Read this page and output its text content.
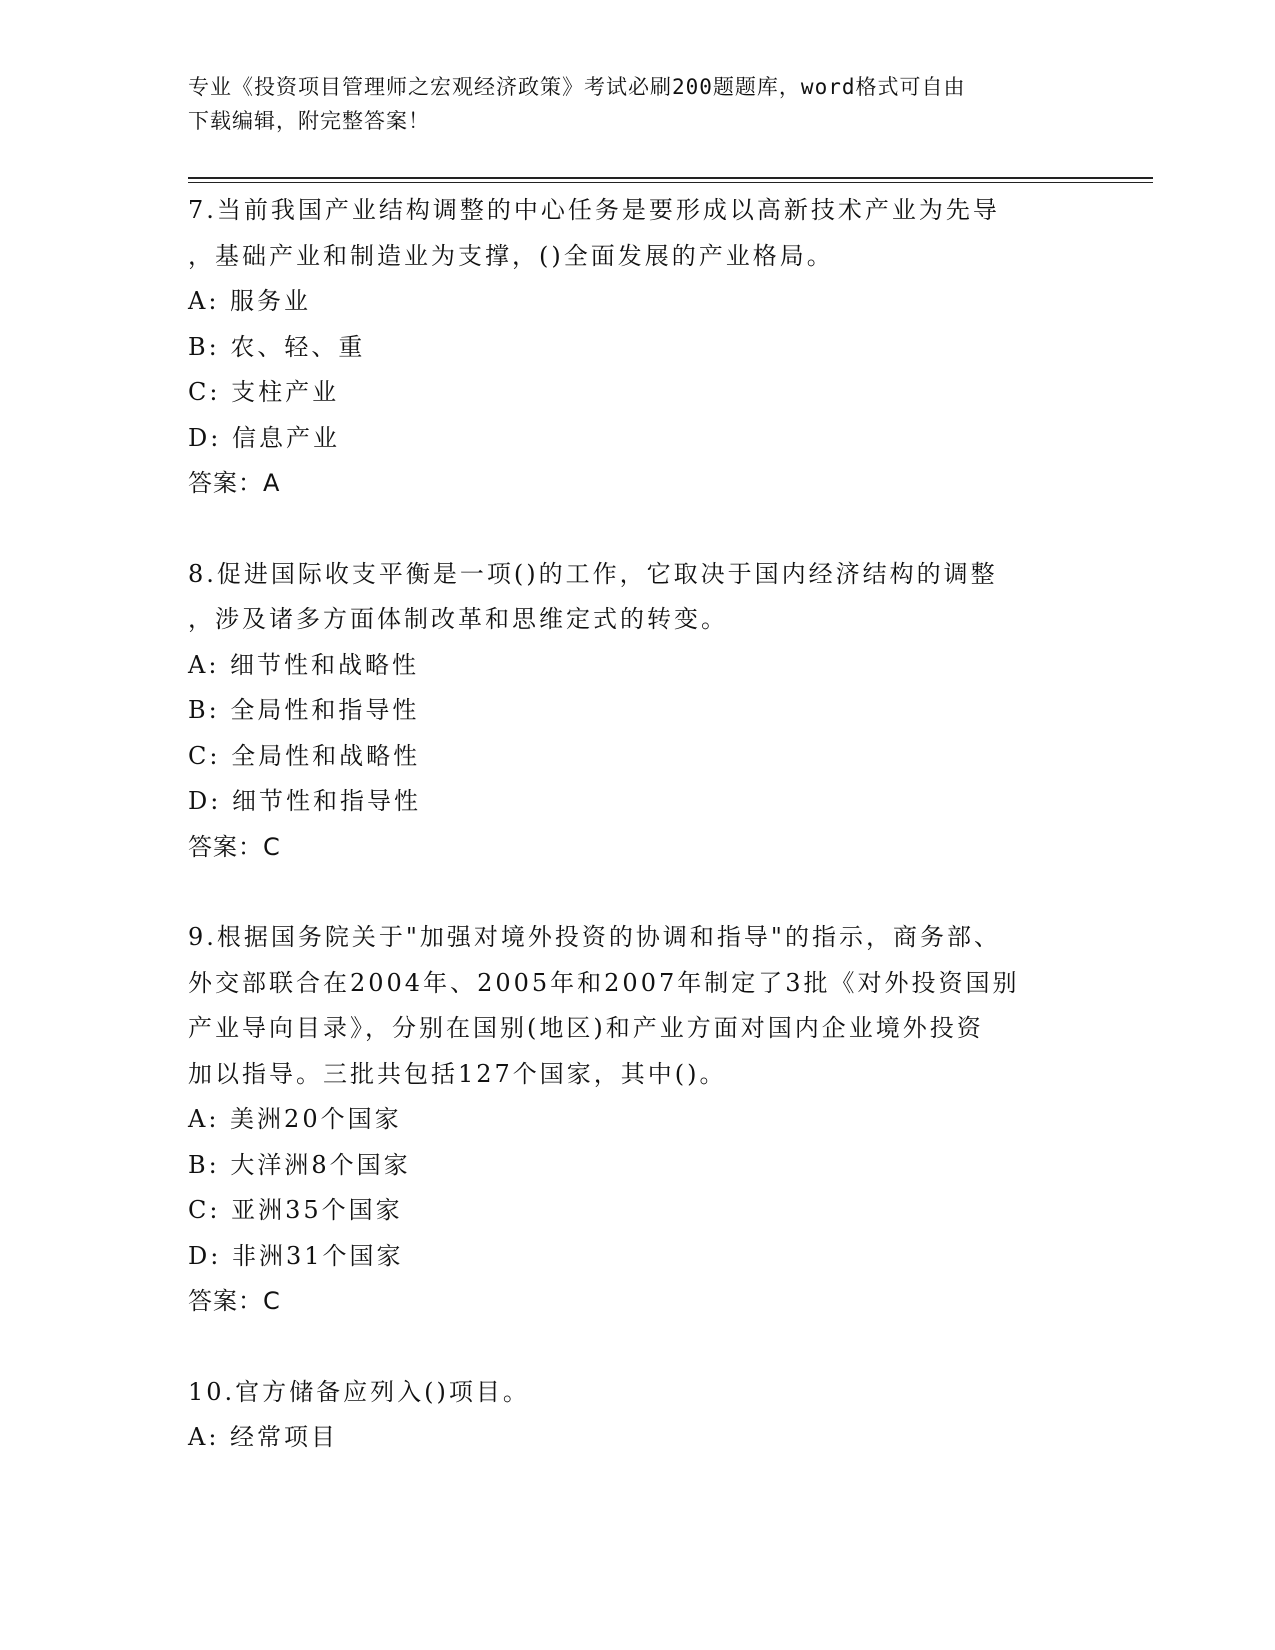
专业《投资项目管理师之宏观经济政策》考试必刷200题题库，word格式可自由
下载编辑，附完整答案！

7.当前我国产业结构调整的中心任务是要形成以高新技术产业为先导

，基础产业和制造业为支撑，()全面发展的产业格局。

A: 服务业

B: 农、轻、重

C: 支柱产业

D: 信息产业

答案：A

8.促进国际收支平衡是一项()的工作，它取决于国内经济结构的调整

，涉及诸多方面体制改革和思维定式的转变。

A: 细节性和战略性

B: 全局性和指导性

C: 全局性和战略性

D: 细节性和指导性

答案：C

9.根据国务院关于"加强对境外投资的协调和指导"的指示，商务部、

外交部联合在2004年、2005年和2007年制定了3批《对外投资国别

产业导向目录》，分别在国别(地区)和产业方面对国内企业境外投资

加以指导。三批共包括127个国家，其中()。

A: 美洲20个国家

B: 大洋洲8个国家

C: 亚洲35个国家

D: 非洲31个国家

答案：C

10.官方储备应列入()项目。

A: 经常项目
